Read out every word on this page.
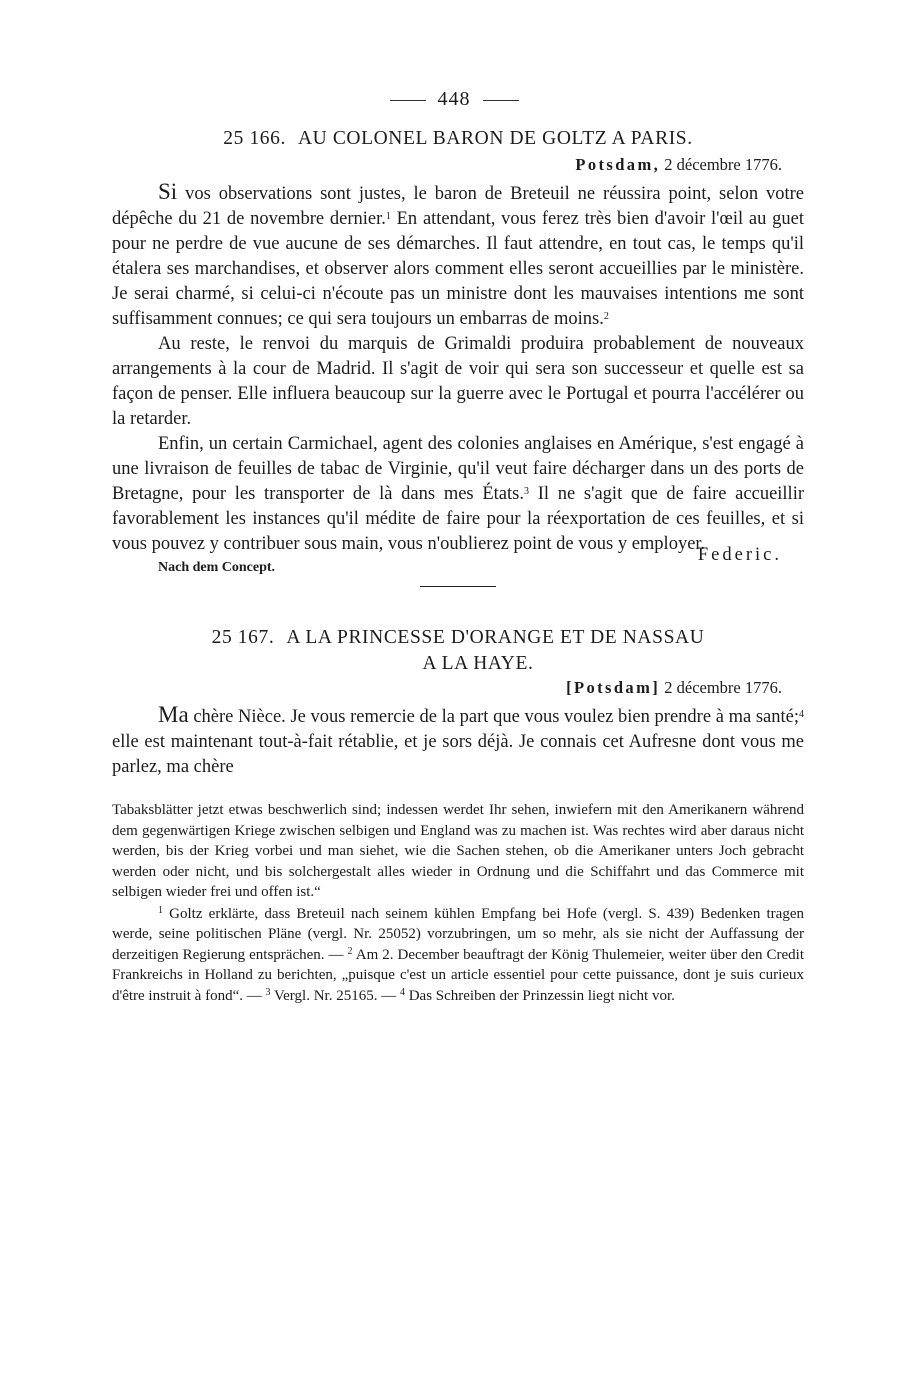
448
25 166. AU COLONEL BARON DE GOLTZ A PARIS.
Potsdam, 2 décembre 1776.

Si vos observations sont justes, le baron de Breteuil ne réussira point, selon votre dépêche du 21 de novembre dernier.$^1$ En attendant, vous ferez très bien d'avoir l'œil au guet pour ne perdre de vue aucune de ses démarches. Il faut attendre, en tout cas, le temps qu'il étalera ses marchandises, et observer alors comment elles seront accueillies par le ministère. Je serai charmé, si celui-ci n'écoute pas un ministre dont les mauvaises intentions me sont suffisamment connues; ce qui sera toujours un embarras de moins.$^2$

Au reste, le renvoi du marquis de Grimaldi produira probablement de nouveaux arrangements à la cour de Madrid. Il s'agit de voir qui sera son successeur et quelle est sa façon de penser. Elle influera beaucoup sur la guerre avec le Portugal et pourra l'accélérer ou la retarder.

Enfin, un certain Carmichael, agent des colonies anglaises en Amérique, s'est engagé à une livraison de feuilles de tabac de Virginie, qu'il veut faire décharger dans un des ports de Bretagne, pour les transporter de là dans mes États.$^3$ Il ne s'agit que de faire accueillir favorablement les instances qu'il médite de faire pour la réexportation de ces feuilles, et si vous pouvez y contribuer sous main, vous n'oublierez point de vous y employer.

Federic.
Nach dem Concept.
25 167. A LA PRINCESSE D'ORANGE ET DE NASSAU
A LA HAYE.
[Potsdam] 2 décembre 1776.

Ma chère Nièce. Je vous remercie de la part que vous voulez bien prendre à ma santé;$^4$ elle est maintenant tout-à-fait rétablie, et je sors déjà. Je connais cet Aufresne dont vous me parlez, ma chère

Tabaksblätter jetzt etwas beschwerlich sind; indessen werdet Ihr sehen, inwiefern mit den Amerikanern während dem gegenwärtigen Kriege zwischen selbigen und England was zu machen ist. Was rechtes wird aber daraus nicht werden, bis der Krieg vorbei und man siehet, wie die Sachen stehen, ob die Amerikaner unters Joch gebracht werden oder nicht, und bis solchergestalt alles wieder in Ordnung und die Schiffahrt und das Commerce mit selbigen wieder frei und offen ist.“

$^1$ Goltz erklärte, dass Breteuil nach seinem kühlen Empfang bei Hofe (vergl. S. 439) Bedenken tragen werde, seine politischen Pläne (vergl. Nr. 25052) vorzubringen, um so mehr, als sie nicht der Auffassung der derzeitigen Regierung entsprächen. — $^2$ Am 2. December beauftragt der König Thulemeier, weiter über den Credit Frankreichs in Holland zu berichten, „puisque c'est un article essentiel pour cette puissance, dont je suis curieux d'être instruit à fond“. — $^3$ Vergl. Nr. 25165. — $^4$ Das Schreiben der Prinzessin liegt nicht vor.
